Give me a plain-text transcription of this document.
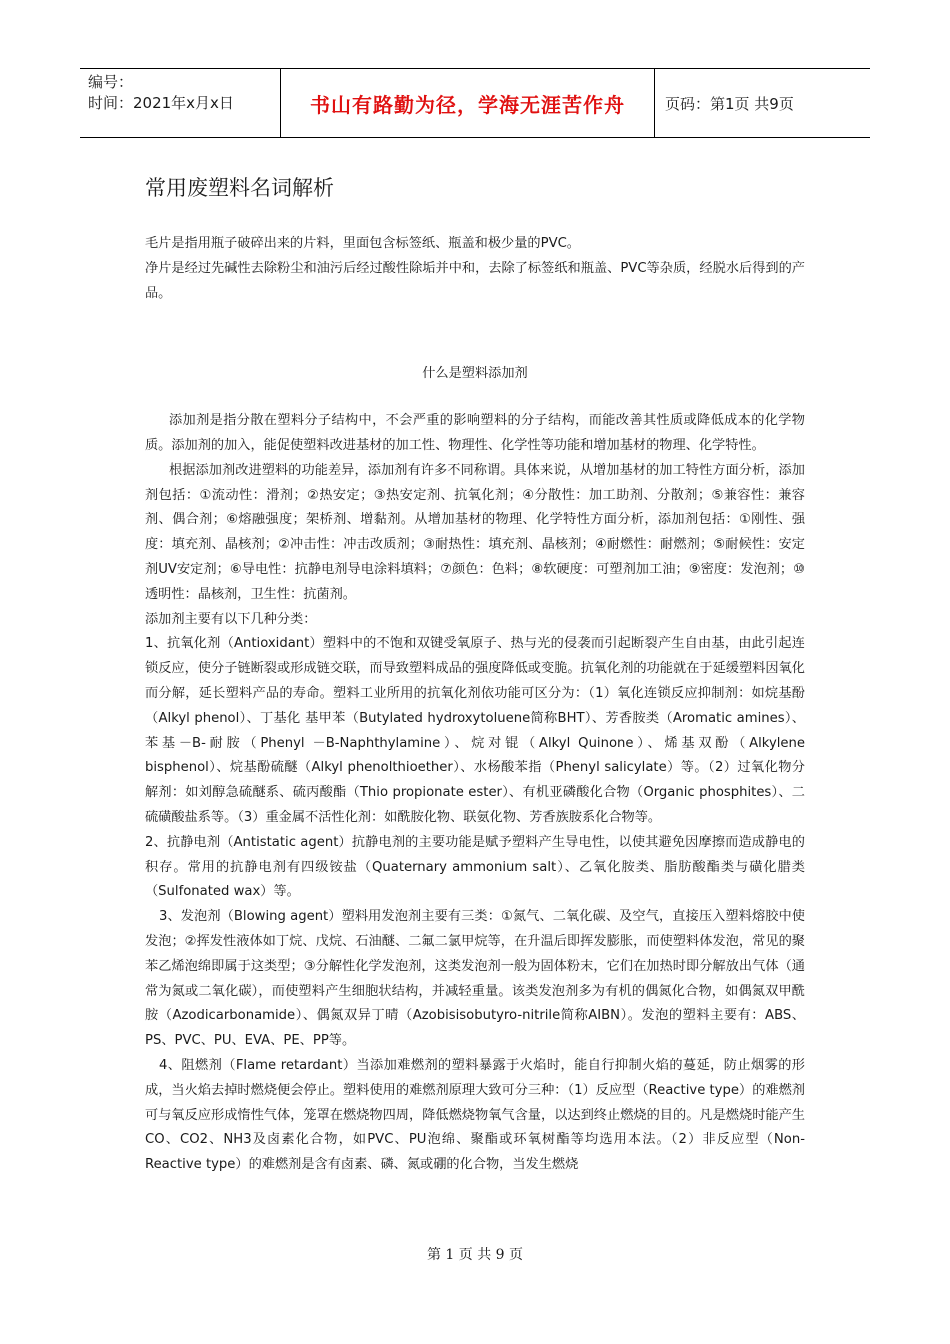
编号：
时间：2021年x月x日	书山有路勤为径，学海无涯苦作舟	页码：第1页 共9页
常用废塑料名词解析

毛片是指用瓶子破碎出来的片料，里面包含标签纸、瓶盖和极少量的PVC。

净片是经过先碱性去除粉尘和油污后经过酸性除垢并中和，去除了标签纸和瓶盖、PVC等杂质，经脱水后得到的产品。

什么是塑料添加剂

添加剂是指分散在塑料分子结构中，不会严重的影响塑料的分子结构，而能改善其性质或降低成本的化学物质。添加剂的加入，能促使塑料改进基材的加工性、物理性、化学性等功能和增加基材的物理、化学特性。

根据添加剂改进塑料的功能差异，添加剂有许多不同称谓。具体来说，从增加基材的加工特性方面分析，添加剂包括：①流动性：滑剂；②热安定；③热安定剂、抗氧化剂；④分散性：加工助剂、分散剂；⑤兼容性：兼容剂、偶合剂；⑥熔融强度；架桥剂、增黏剂。从增加基材的物理、化学特性方面分析，添加剂包括：①刚性、强度：填充剂、晶核剂；②冲击性：冲击改质剂；③耐热性：填充剂、晶核剂；④耐燃性：耐燃剂；⑤耐候性：安定剂UV安定剂；⑥导电性：抗静电剂导电涂料填料；⑦颜色：色料；⑧软硬度：可塑剂加工油；⑨密度：发泡剂；⑩透明性：晶核剂，卫生性：抗菌剂。

添加剂主要有以下几种分类：

1、抗氧化剂（Antioxidant）塑料中的不饱和双键受氧原子、热与光的侵袭而引起断裂产生自由基，由此引起连锁反应，使分子链断裂或形成链交联，而导致塑料成品的强度降低或变脆。抗氧化剂的功能就在于延缓塑料因氧化而分解，延长塑料产品的寿命。塑料工业所用的抗氧化剂依功能可区分为：（1）氧化连锁反应抑制剂：如烷基酚（Alkyl phenol）、丁基化 基甲苯（Butylated hydroxytoluene简称BHT）、芳香胺类（Aromatic amines）、苯基－B-耐胺（Phenyl －B-Naphthylamine）、烷对锟（Alkyl Quinone）、烯基双酚（Alkylene bisphenol）、烷基酚硫醚（Alkyl phenolthioether）、水杨酸苯指（Phenyl salicylate）等。（2）过氧化物分解剂：如刘醇急硫醚系、硫丙酸酯（Thio propionate ester）、有机亚磷酸化合物（Organic phosphites）、二硫磺酸盐系等。（3）重金属不活性化剂：如酰胺化物、联氨化物、芳香族胺系化合物等。

2、抗静电剂（Antistatic agent）抗静电剂的主要功能是赋予塑料产生导电性，以使其避免因摩擦而造成静电的积存。常用的抗静电剂有四级铵盐（Quaternary ammonium salt）、乙氧化胺类、脂肪酸酯类与磺化腊类（Sulfonated wax）等。

3、发泡剂（Blowing agent）塑料用发泡剂主要有三类：①氮气、二氧化碳、及空气，直接压入塑料熔胶中使发泡；②挥发性液体如丁烷、戊烷、石油醚、二氟二氯甲烷等，在升温后即挥发膨胀，而使塑料体发泡，常见的聚苯乙烯泡绵即属于这类型；③分解性化学发泡剂，这类发泡剂一般为固体粉末，它们在加热时即分解放出气体（通常为氮或二氧化碳），而使塑料产生细胞状结构，并减轻重量。该类发泡剂多为有机的偶氮化合物，如偶氮双甲酰胺（Azodicarbonamide）、偶氮双异丁晴（Azobisisobutyro-nitrile简称AIBN）。发泡的塑料主要有：ABS、PS、PVC、PU、EVA、PE、PP等。

4、阻燃剂（Flame retardant）当添加难燃剂的塑料暴露于火焰时，能自行抑制火焰的蔓延，防止烟雾的形成，当火焰去掉时燃烧便会停止。塑料使用的难燃剂原理大致可分三种：（1）反应型（Reactive type）的难燃剂可与氧反应形成惰性气体，笼罩在燃烧物四周，降低燃烧物氧气含量，以达到终止燃烧的目的。凡是燃烧时能产生CO、CO2、NH3及卤素化合物，如PVC、PU泡绵、聚酯或环氧树酯等均选用本法。（2）非反应型（Non-Reactive type）的难燃剂是含有卤素、磷、氮或硼的化合物，当发生燃烧

第 1 页 共 9 页
